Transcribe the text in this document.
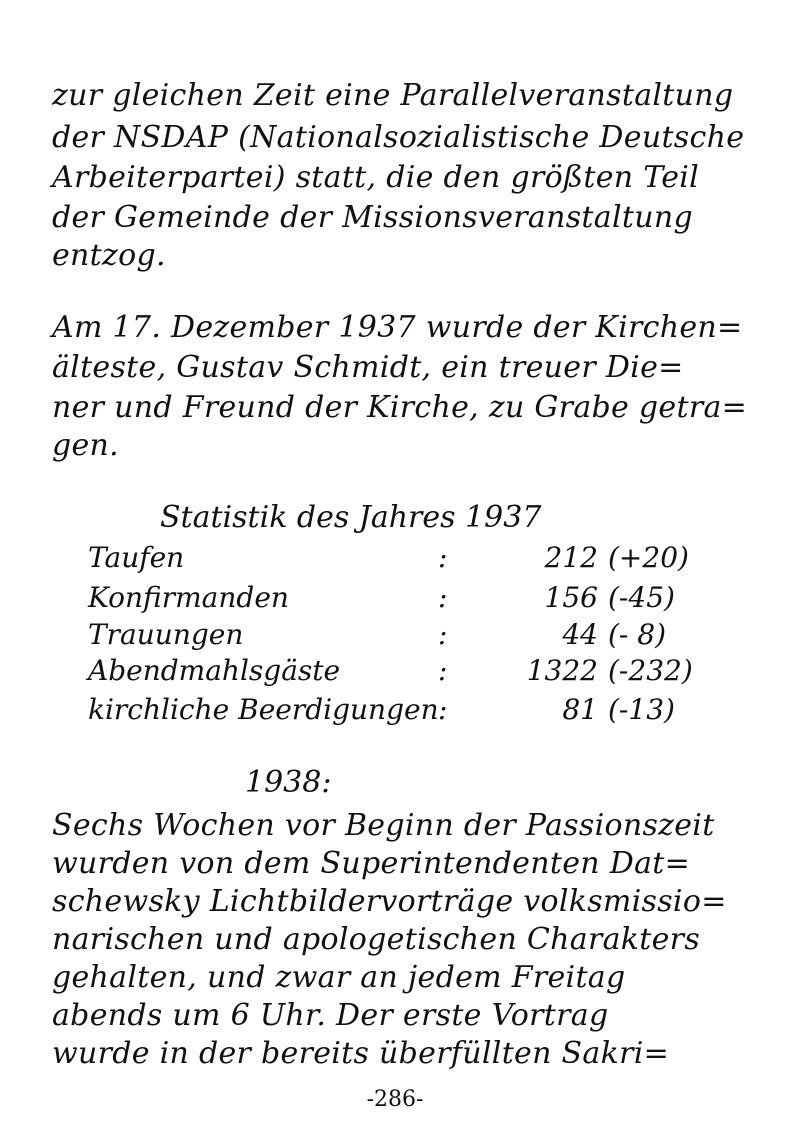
zur gleichen Zeit eine Parallelveranstaltung
der NSDAP (Nationalsozialistische Deutsche
Arbeiterpartei) statt, die den größten Teil
der Gemeinde der Missionsveranstaltung
entzog.
Am 17. Dezember 1937 wurde der Kirchen=
älteste, Gustav Schmidt, ein treuer Die=
ner und Freund der Kirche, zu Grabe getra=
gen.
Statistik des Jahres 1937
Taufen	:	212 (+20)
Konfirmanden	:	156 (-45)
Trauungen	:	44 (- 8)
Abendmahlsgäste	:	1322 (-232)
kirchliche Beerdigungen :	81 (-13)
1938:
Sechs Wochen vor Beginn der Passionszeit
wurden von dem Superintendenten Dat=
schewsky Lichtbildervorträge volksmissio=
narischen und apologetischen Charakters
gehalten, und zwar an jedem Freitag
abends um 6 Uhr. Der erste Vortrag
wurde in der bereits überfüllten Sakri=
-286-
